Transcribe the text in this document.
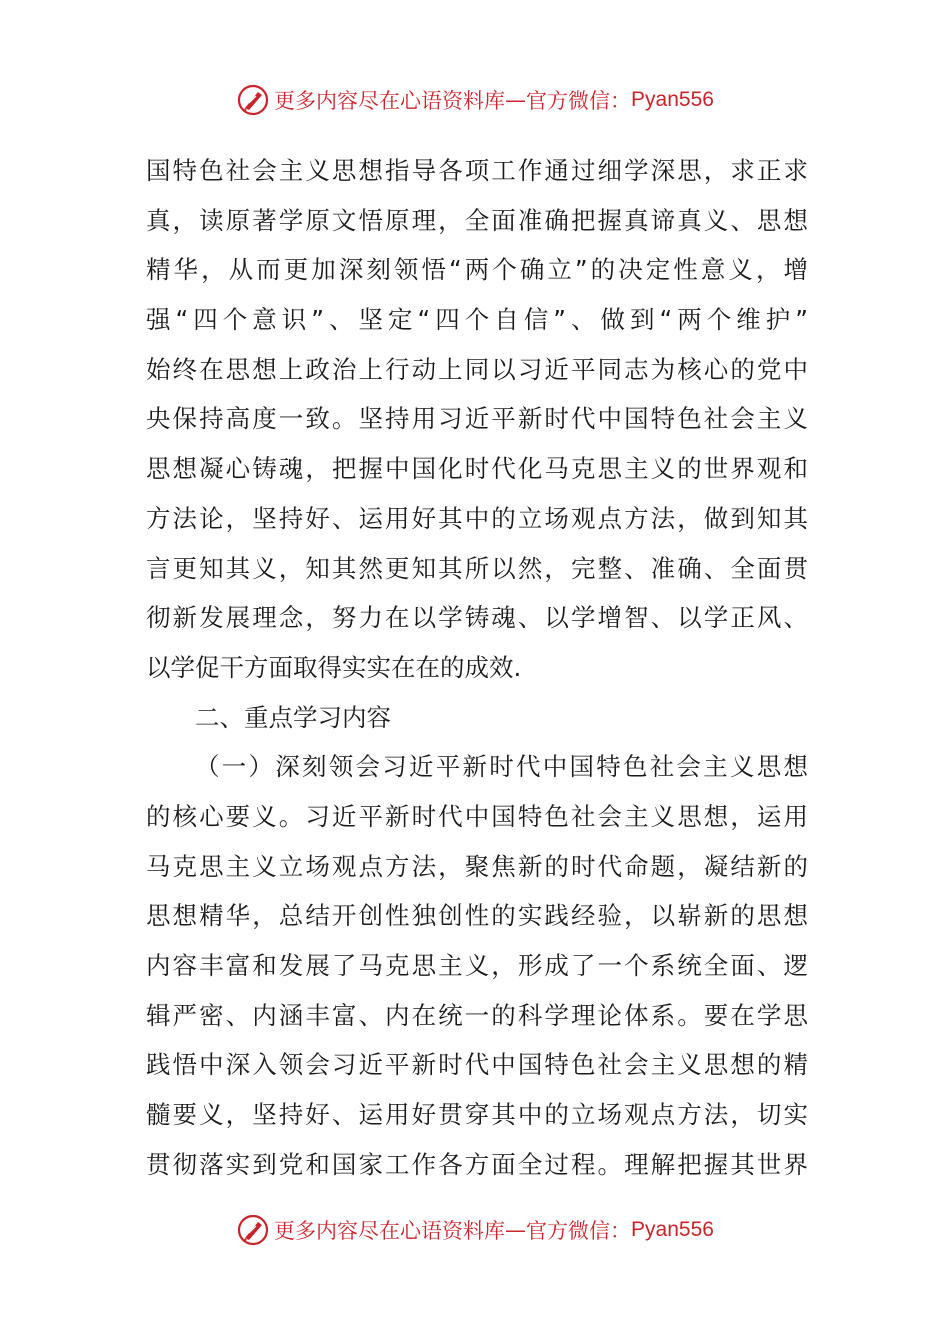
更多内容尽在心语资料库 — 官方微信： Pyan556
国特色社会主义思想指导各项工作通过细学深思，求正求
真，读原著学原文悟原理，全面准确把握真谛真义、思想
精华，从而更加深刻领悟“两个确立”的决定性意义，增
强“四个意识”、坚定“四个自信”、做到“两个维护”
始终在思想上政治上行动上同以习近平同志为核心的党中
央保持高度一致。坚持用习近平新时代中国特色社会主义
思想凝心铸魂，把握中国化时代化马克思主义的世界观和
方法论，坚持好、运用好其中的立场观点方法，做到知其
言更知其义，知其然更知其所以然，完整、准确、全面贯
彻新发展理念，努力在以学铸魂、以学增智、以学正风、
以学促干方面取得实实在在的成效.
二、重点学习内容
（一）深刻领会习近平新时代中国特色社会主义思想
的核心要义。习近平新时代中国特色社会主义思想，运用
马克思主义立场观点方法，聚焦新的时代命题，凝结新的
思想精华，总结开创性独创性的实践经验，以崭新的思想
内容丰富和发展了马克思主义，形成了一个系统全面、逻
辑严密、内涵丰富、内在统一的科学理论体系。要在学思
践悟中深入领会习近平新时代中国特色社会主义思想的精
髓要义，坚持好、运用好贯穿其中的立场观点方法，切实
贯彻落实到党和国家工作各方面全过程。理解把握其世界
更多内容尽在心语资料库 — 官方微信： Pyan556
